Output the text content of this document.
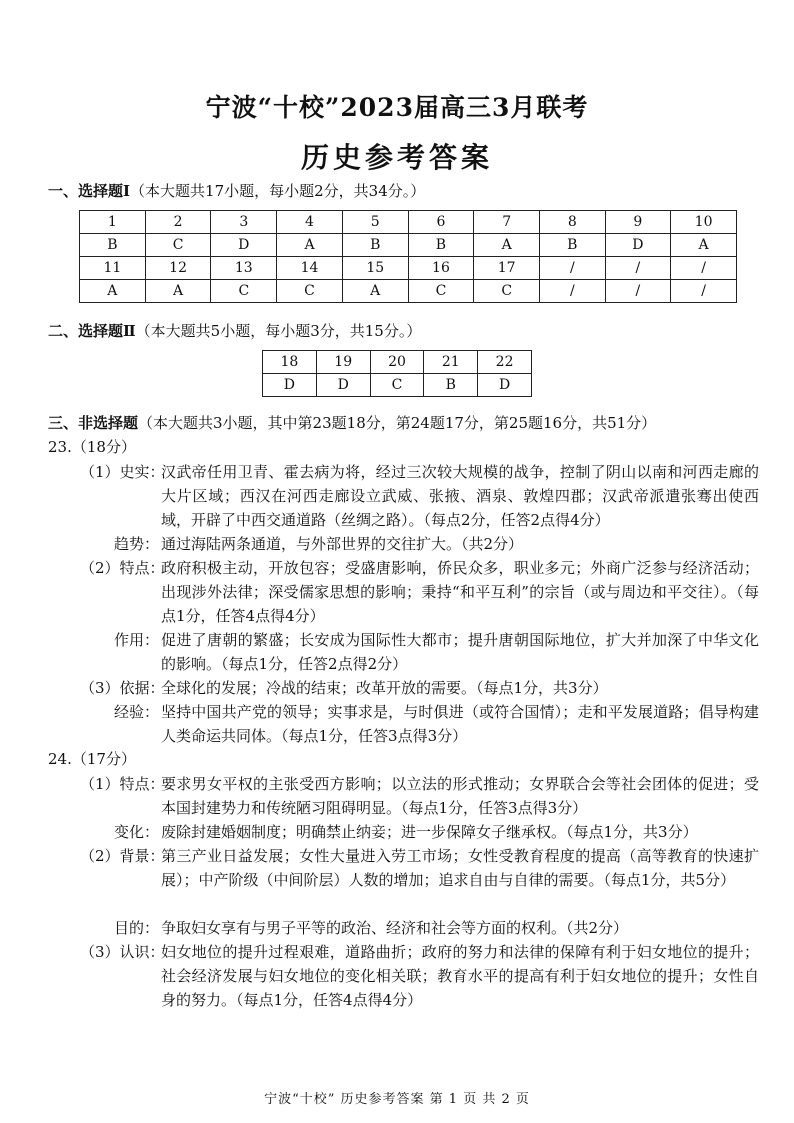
宁波“十校”2023届高三3月联考
历史参考答案
一、选择题Ⅰ（本大题共17小题，每小题2分，共34分。）
1	2	3	4	5	6	7	8	9	10
B	C	D	A	B	B	A	B	D	A
11	12	13	14	15	16	17	/	/	/
A	A	C	C	A	C	C	/	/	/
二、选择题Ⅱ（本大题共5小题，每小题3分，共15分。）
18	19	20	21	22
D	D	C	B	D
三、非选择题（本大题共3小题，其中第23题18分，第24题17分，第25题16分，共51分）
23.（18分）
（1）史实：
汉武帝任用卫青、霍去病为将，经过三次较大规模的战争，控制了阴山以南和河西走廊的大片区域；西汉在河西走廊设立武威、张掖、酒泉、敦煌四郡；汉武帝派遣张骞出使西域，开辟了中西交通道路（丝绸之路）。（每点2分，任答2点得4分）
趋势： 通过海陆两条通道，与外部世界的交往扩大。（共2分）
（2）特点：
政府积极主动，开放包容；受盛唐影响，侨民众多，职业多元；外商广泛参与经济活动；出现涉外法律；深受儒家思想的影响；秉持“和平互利”的宗旨（或与周边和平交往）。（每点1分，任答4点得4分）
作用： 促进了唐朝的繁盛；长安成为国际性大都市；提升唐朝国际地位，扩大并加深了中华文化的影响。（每点1分，任答2点得2分）
（3）依据：
全球化的发展；冷战的结束；改革开放的需要。（每点1分，共3分）
经验： 坚持中国共产党的领导；实事求是，与时俱进（或符合国情）；走和平发展道路；倡导构建人类命运共同体。（每点1分，任答3点得3分）
24.（17分）
（1）特点：
要求男女平权的主张受西方影响；以立法的形式推动；女界联合会等社会团体的促进；受本国封建势力和传统陋习阻碍明显。（每点1分，任答3点得3分）
变化： 废除封建婚姻制度；明确禁止纳妾；进一步保障女子继承权。（每点1分，共3分）
（2）背景：
第三产业日益发展；女性大量进入劳工市场；女性受教育程度的提高（高等教育的快速扩展）；中产阶级（中间阶层）人数的增加；追求自由与自律的需要。（每点1分，共5分）
目的： 争取妇女享有与男子平等的政治、经济和社会等方面的权利。（共2分）
（3）认识：
妇女地位的提升过程艰难，道路曲折；政府的努力和法律的保障有利于妇女地位的提升；社会经济发展与妇女地位的变化相关联；教育水平的提高有利于妇女地位的提升；女性自身的努力。（每点1分，任答4点得4分）
宁波“十校” 历史参考答案 第 1 页 共 2 页
